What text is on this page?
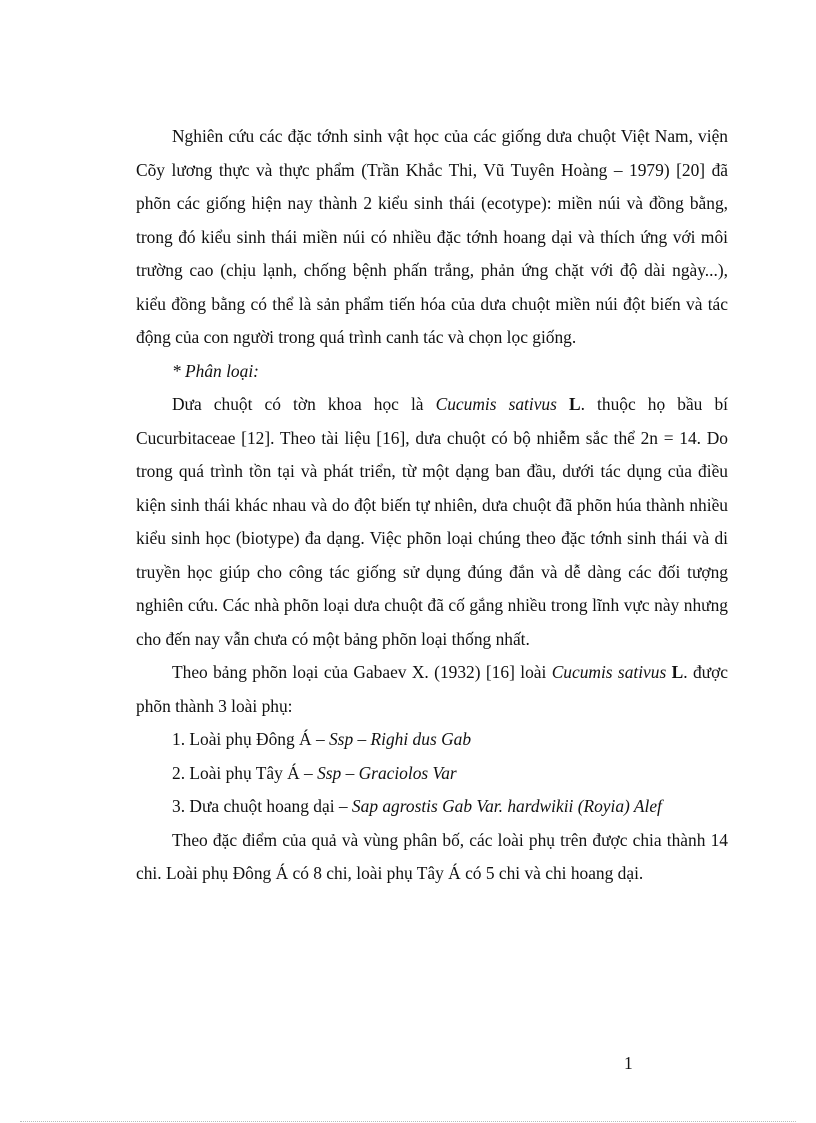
Nghiên cứu các đặc tớnh sinh vật học của các giống dưa chuột Việt Nam, viện Cõy lương thực và thực phẩm (Trần Khắc Thi, Vũ Tuyên Hoàng – 1979) [20] đã phõn các giống hiện nay thành 2 kiểu sinh thái (ecotype): miền núi và đồng bằng, trong đó kiểu sinh thái miền núi có nhiều đặc tớnh hoang dại và thích ứng với môi trường cao (chịu lạnh, chống bệnh phấn trắng, phản ứng chặt với độ dài ngày...), kiểu đồng bằng có thể là sản phẩm tiến hóa của dưa chuột miền núi đột biến và tác động của con người trong quá trình canh tác và chọn lọc giống.

* Phân loại:

Dưa chuột có tờn khoa học là Cucumis sativus L. thuộc họ bầu bí Cucurbitaceae [12]. Theo tài liệu [16], dưa chuột có bộ nhiễm sắc thể 2n = 14. Do trong quá trình tồn tại và phát triển, từ một dạng ban đầu, dưới tác dụng của điều kiện sinh thái khác nhau và do đột biến tự nhiên, dưa chuột đã phõn húa thành nhiều kiểu sinh học (biotype) đa dạng. Việc phõn loại chúng theo đặc tớnh sinh thái và di truyền học giúp cho công tác giống sử dụng đúng đắn và dễ dàng các đối tượng nghiên cứu. Các nhà phõn loại dưa chuột đã cố gắng nhiều trong lĩnh vực này nhưng cho đến nay vẫn chưa có một bảng phõn loại thống nhất.

Theo bảng phõn loại của Gabaev X. (1932) [16] loài Cucumis sativus L. được phõn thành 3 loài phụ:

1. Loài phụ Đông Á – Ssp – Righi dus Gab

2. Loài phụ Tây Á – Ssp – Graciolos Var

3. Dưa chuột hoang dại – Sap agrostis Gab Var. hardwikii (Royia) Alef

Theo đặc điểm của quả và vùng phân bố, các loài phụ trên được chia thành 14 chi. Loài phụ Đông Á có 8 chi, loài phụ Tây Á có 5 chi và chi hoang dại.

1
